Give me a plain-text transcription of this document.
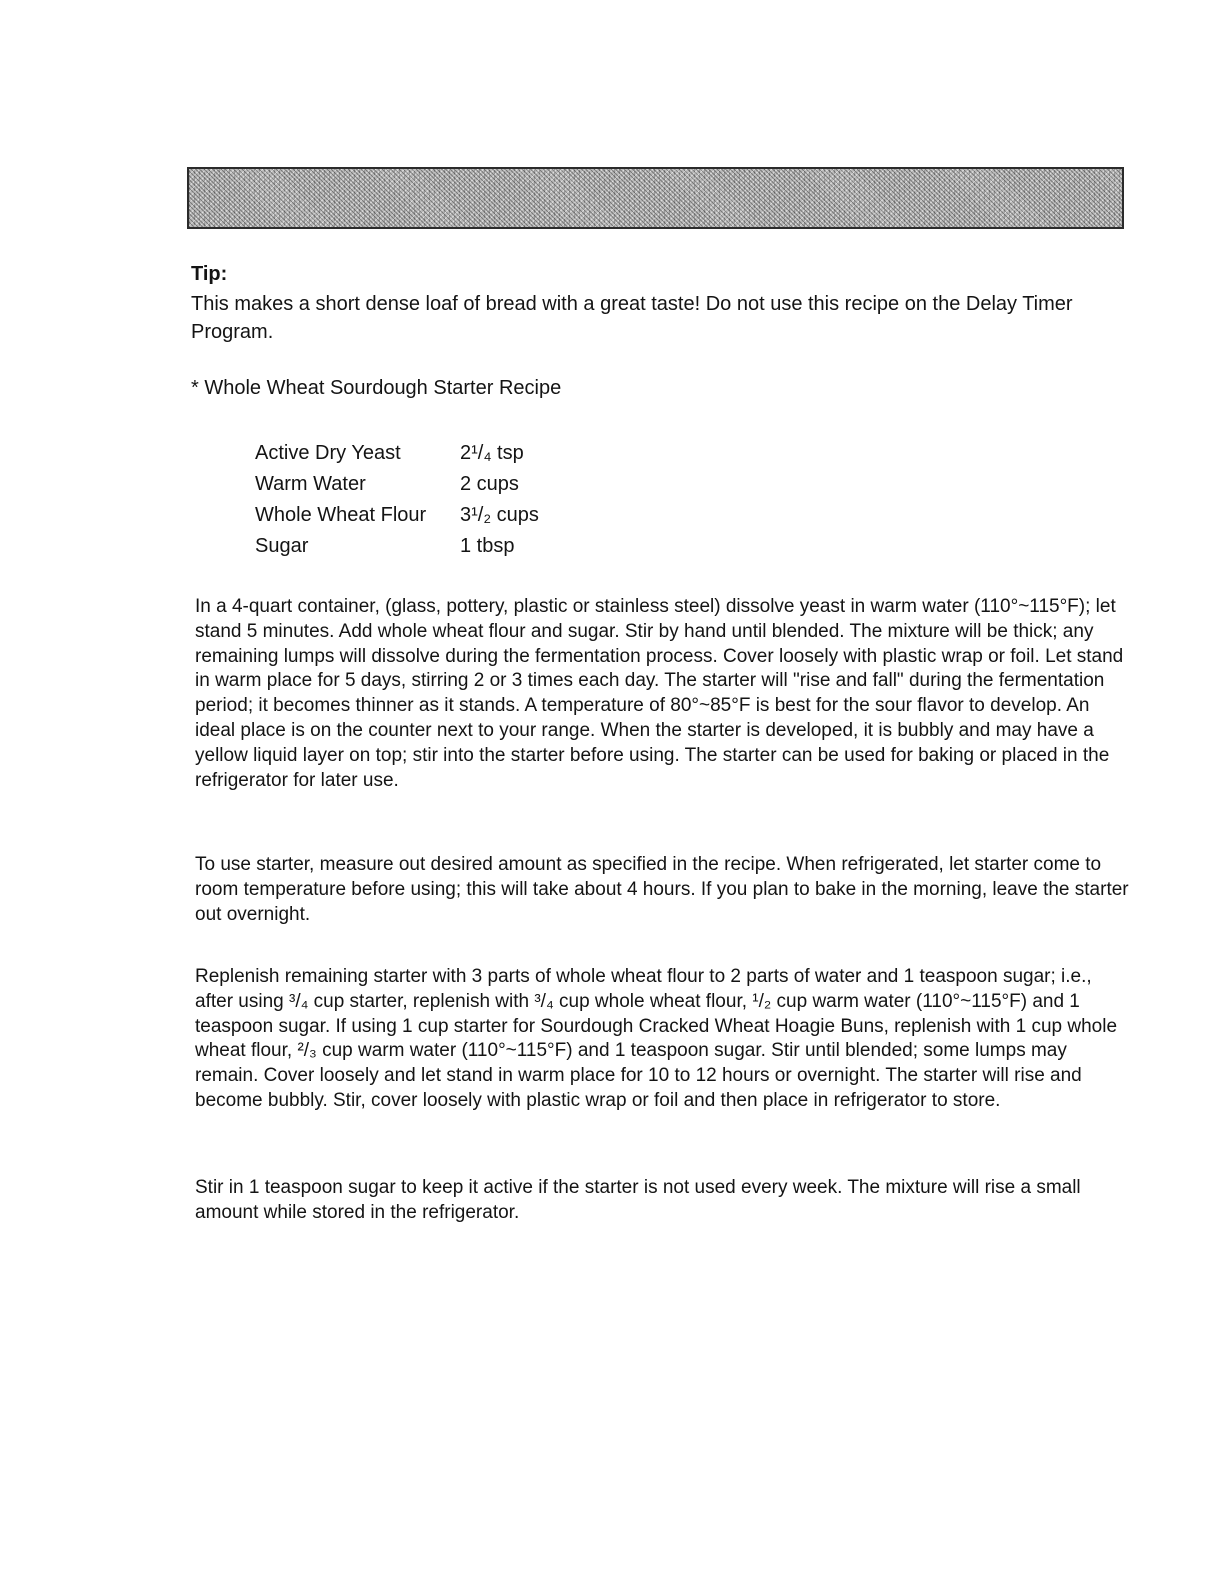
Tip:

This makes a short dense loaf of bread with a great taste! Do not use this recipe on the Delay Timer Program.

* Whole Wheat Sourdough Starter Recipe

Active Dry Yeast	2¹/₄ tsp
Warm Water	2 cups
Whole Wheat Flour	3¹/₂ cups
Sugar	1 tbsp

In a 4-quart container, (glass, pottery, plastic or stainless steel) dissolve yeast in warm water (110°~115°F); let stand 5 minutes. Add whole wheat flour and sugar. Stir by hand until blended. The mixture will be thick; any remaining lumps will dissolve during the fermentation process. Cover loosely with plastic wrap or foil. Let stand in warm place for 5 days, stirring 2 or 3 times each day. The starter will "rise and fall" during the fermentation period; it becomes thinner as it stands. A temperature of 80°~85°F is best for the sour flavor to develop. An ideal place is on the counter next to your range. When the starter is developed, it is bubbly and may have a yellow liquid layer on top; stir into the starter before using. The starter can be used for baking or placed in the refrigerator for later use.

To use starter, measure out desired amount as specified in the recipe. When refrigerated, let starter come to room temperature before using; this will take about 4 hours. If you plan to bake in the morning, leave the starter out overnight.

Replenish remaining starter with 3 parts of whole wheat flour to 2 parts of water and 1 teaspoon sugar; i.e., after using ³/₄ cup starter, replenish with ³/₄ cup whole wheat flour, ¹/₂ cup warm water (110°~115°F) and 1 teaspoon sugar. If using 1 cup starter for Sourdough Cracked Wheat Hoagie Buns, replenish with 1 cup whole wheat flour, ²/₃ cup warm water (110°~115°F) and 1 teaspoon sugar. Stir until blended; some lumps may remain. Cover loosely and let stand in warm place for 10 to 12 hours or overnight. The starter will rise and become bubbly. Stir, cover loosely with plastic wrap or foil and then place in refrigerator to store.

Stir in 1 teaspoon sugar to keep it active if the starter is not used every week. The mixture will rise a small amount while stored in the refrigerator.
